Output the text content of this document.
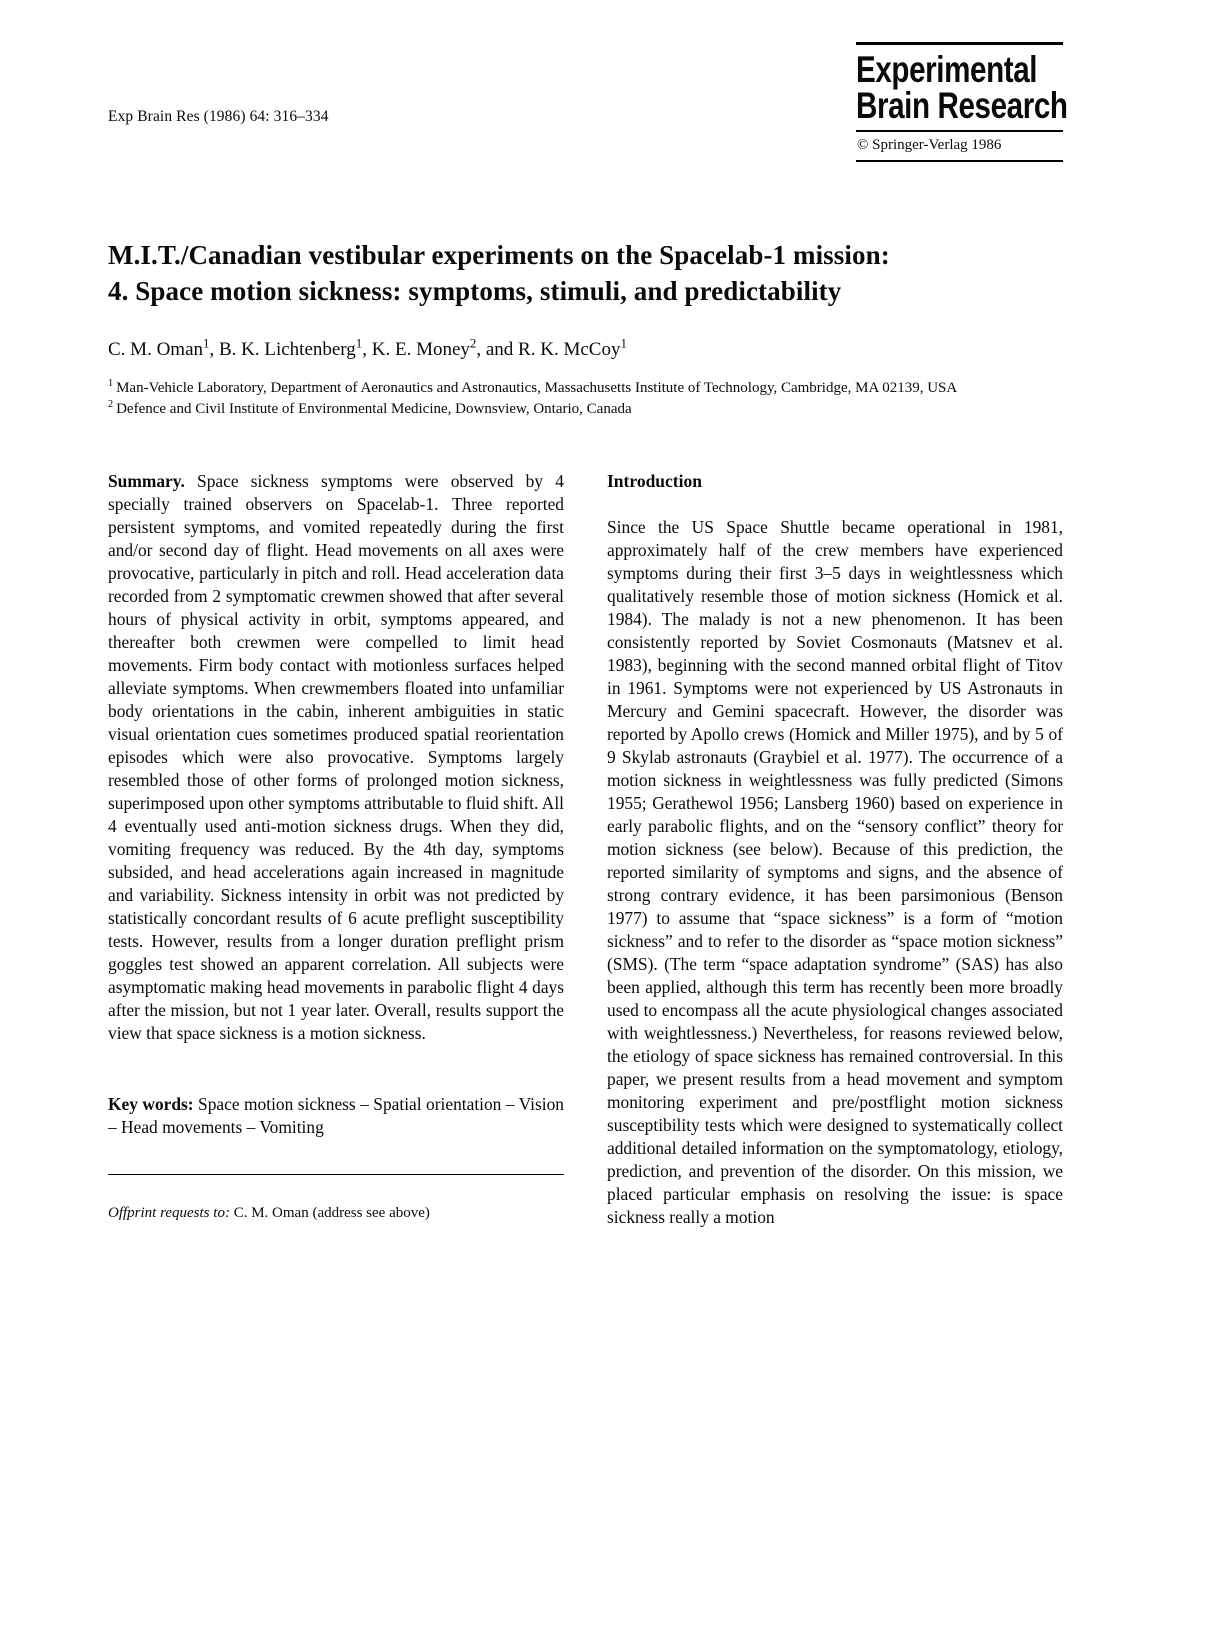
Exp Brain Res (1986) 64: 316–334
Experimental
Brain Research
© Springer-Verlag 1986
M.I.T./Canadian vestibular experiments on the Spacelab-1 mission:
4. Space motion sickness: symptoms, stimuli, and predictability
C. M. Oman$^1$, B. K. Lichtenberg$^1$, K. E. Money$^2$, and R. K. McCoy$^1$
$^1$ Man-Vehicle Laboratory, Department of Aeronautics and Astronautics, Massachusetts Institute of Technology, Cambridge, MA 02139, USA
$^2$ Defence and Civil Institute of Environmental Medicine, Downsview, Ontario, Canada

Summary. Space sickness symptoms were observed by 4 specially trained observers on Spacelab-1. Three reported persistent symptoms, and vomited repeatedly during the first and/or second day of flight. Head movements on all axes were provocative, particularly in pitch and roll. Head acceleration data recorded from 2 symptomatic crewmen showed that after several hours of physical activity in orbit, symptoms appeared, and thereafter both crewmen were compelled to limit head movements. Firm body contact with motionless surfaces helped alleviate symptoms. When crewmembers floated into unfamiliar body orientations in the cabin, inherent ambiguities in static visual orientation cues sometimes produced spatial reorientation episodes which were also provocative. Symptoms largely resembled those of other forms of prolonged motion sickness, superimposed upon other symptoms attributable to fluid shift. All 4 eventually used anti-motion sickness drugs. When they did, vomiting frequency was reduced. By the 4th day, symptoms subsided, and head accelerations again increased in magnitude and variability. Sickness intensity in orbit was not predicted by statistically concordant results of 6 acute preflight susceptibility tests. However, results from a longer duration preflight prism goggles test showed an apparent correlation. All subjects were asymptomatic making head movements in parabolic flight 4 days after the mission, but not 1 year later. Overall, results support the view that space sickness is a motion sickness.

Key words: Space motion sickness – Spatial orientation – Vision – Head movements – Vomiting

Offprint requests to: C. M. Oman (address see above)

Introduction

Since the US Space Shuttle became operational in 1981, approximately half of the crew members have experienced symptoms during their first 3–5 days in weightlessness which qualitatively resemble those of motion sickness (Homick et al. 1984). The malady is not a new phenomenon. It has been consistently reported by Soviet Cosmonauts (Matsnev et al. 1983), beginning with the second manned orbital flight of Titov in 1961. Symptoms were not experienced by US Astronauts in Mercury and Gemini spacecraft. However, the disorder was reported by Apollo crews (Homick and Miller 1975), and by 5 of 9 Skylab astronauts (Graybiel et al. 1977). The occurrence of a motion sickness in weightlessness was fully predicted (Simons 1955; Gerathewol 1956; Lansberg 1960) based on experience in early parabolic flights, and on the “sensory conflict” theory for motion sickness (see below). Because of this prediction, the reported similarity of symptoms and signs, and the absence of strong contrary evidence, it has been parsimonious (Benson 1977) to assume that “space sickness” is a form of “motion sickness” and to refer to the disorder as “space motion sickness” (SMS). (The term “space adaptation syndrome” (SAS) has also been applied, although this term has recently been more broadly used to encompass all the acute physiological changes associated with weightlessness.) Nevertheless, for reasons reviewed below, the etiology of space sickness has remained controversial. In this paper, we present results from a head movement and symptom monitoring experiment and pre/postflight motion sickness susceptibility tests which were designed to systematically collect additional detailed information on the symptomatology, etiology, prediction, and prevention of the disorder. On this mission, we placed particular emphasis on resolving the issue: is space sickness really a motion
